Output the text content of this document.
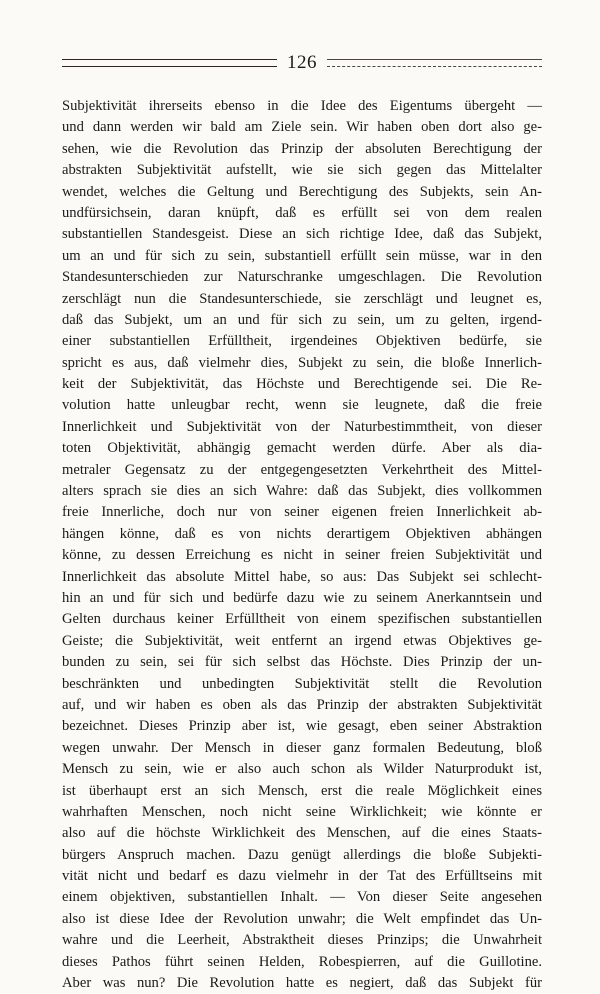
126
Subjektivität ihrerseits ebenso in die Idee des Eigentums übergeht —
und dann werden wir bald am Ziele sein. Wir haben oben dort also ge-
sehen, wie die Revolution das Prinzip der absoluten Berechtigung der
abstrakten Subjektivität aufstellt, wie sie sich gegen das Mittelalter
wendet, welches die Geltung und Berechtigung des Subjekts, sein An-
undfürsichsein, daran knüpft, daß es erfüllt sei von dem realen
substantiellen Standesgeist. Diese an sich richtige Idee, daß das Subjekt,
um an und für sich zu sein, substantiell erfüllt sein müsse, war in den
Standesunterschieden zur Naturschranke umgeschlagen. Die Revolution
zerschlägt nun die Standesunterschiede, sie zerschlägt und leugnet es,
daß das Subjekt, um an und für sich zu sein, um zu gelten, irgend-
einer substantiellen Erfülltheit, irgendeines Objektiven bedürfe, sie
spricht es aus, daß vielmehr dies, Subjekt zu sein, die bloße Innerlich-
keit der Subjektivität, das Höchste und Berechtigende sei. Die Re-
volution hatte unleugbar recht, wenn sie leugnete, daß die freie
Innerlichkeit und Subjektivität von der Naturbestimmtheit, von dieser
toten Objektivität, abhängig gemacht werden dürfe. Aber als dia-
metraler Gegensatz zu der entgegengesetzten Verkehrtheit des Mittel-
alters sprach sie dies an sich Wahre: daß das Subjekt, dies vollkommen
freie Innerliche, doch nur von seiner eigenen freien Innerlichkeit ab-
hängen könne, daß es von nichts derartigem Objektiven abhängen
könne, zu dessen Erreichung es nicht in seiner freien Subjektivität und
Innerlichkeit das absolute Mittel habe, so aus: Das Subjekt sei schlecht-
hin an und für sich und bedürfe dazu wie zu seinem Anerkanntsein und
Gelten durchaus keiner Erfülltheit von einem spezifischen substantiellen
Geiste; die Subjektivität, weit entfernt an irgend etwas Objektives ge-
bunden zu sein, sei für sich selbst das Höchste. Dies Prinzip der un-
beschränkten und unbedingten Subjektivität stellt die Revolution
auf, und wir haben es oben als das Prinzip der abstrakten Subjektivität
bezeichnet. Dieses Prinzip aber ist, wie gesagt, eben seiner Abstraktion
wegen unwahr. Der Mensch in dieser ganz formalen Bedeutung, bloß
Mensch zu sein, wie er also auch schon als Wilder Naturprodukt ist,
ist überhaupt erst an sich Mensch, erst die reale Möglichkeit eines
wahrhaften Menschen, noch nicht seine Wirklichkeit; wie könnte er
also auf die höchste Wirklichkeit des Menschen, auf die eines Staats-
bürgers Anspruch machen. Dazu genügt allerdings die bloße Subjekti-
vität nicht und bedarf es dazu vielmehr in der Tat des Erfülltseins mit
einem objektiven, substantiellen Inhalt. — Von dieser Seite angesehen
also ist diese Idee der Revolution unwahr; die Welt empfindet das Un-
wahre und die Leerheit, Abstraktheit dieses Prinzips; die Unwahrheit
dieses Pathos führt seinen Helden, Robespierren, auf die Guillotine.
Aber was nun? Die Revolution hatte es negiert, daß das Subjekt für
